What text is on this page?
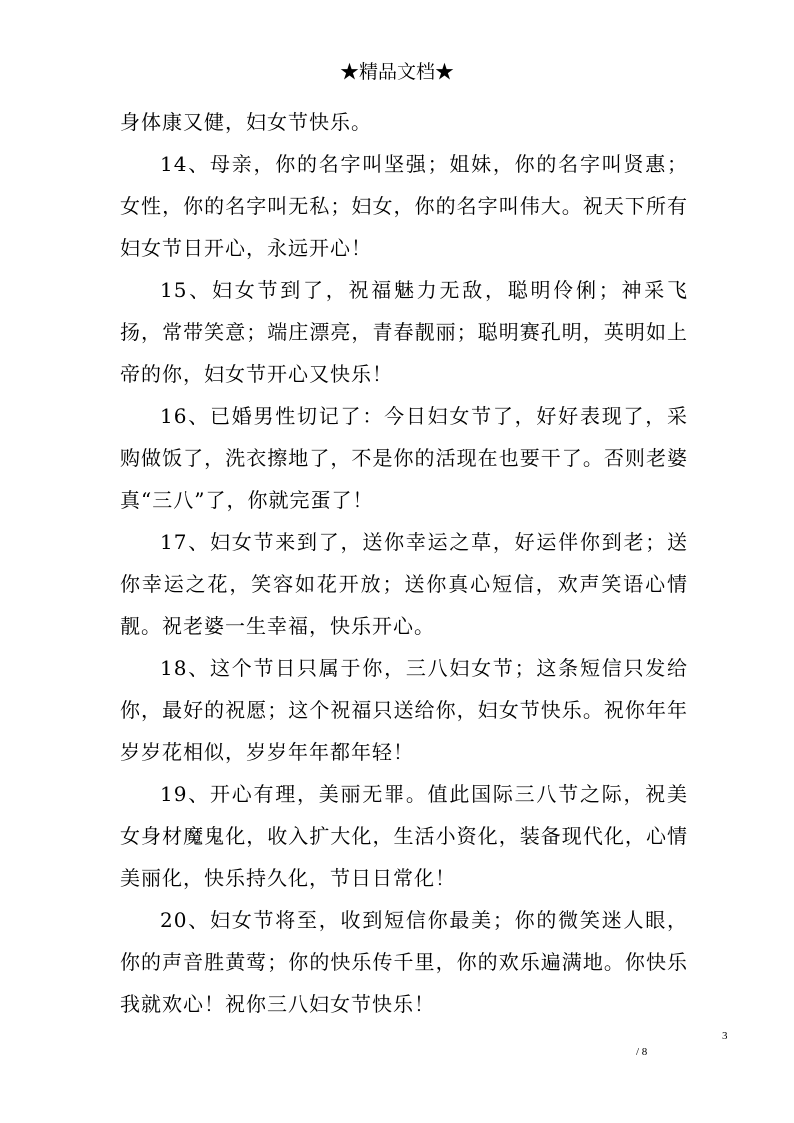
★精品文档★

身体康又健，妇女节快乐。

14、母亲，你的名字叫坚强；姐妹，你的名字叫贤惠；女性，你的名字叫无私；妇女，你的名字叫伟大。祝天下所有妇女节日开心，永远开心！

15、妇女节到了，祝福魅力无敌，聪明伶俐；神采飞扬，常带笑意；端庄漂亮，青春靓丽；聪明赛孔明，英明如上帝的你，妇女节开心又快乐！

16、已婚男性切记了：今日妇女节了，好好表现了，采购做饭了，洗衣擦地了，不是你的活现在也要干了。否则老婆真“三八”了，你就完蛋了！

17、妇女节来到了，送你幸运之草，好运伴你到老；送你幸运之花，笑容如花开放；送你真心短信，欢声笑语心情靓。祝老婆一生幸福，快乐开心。

18、这个节日只属于你，三八妇女节；这条短信只发给你，最好的祝愿；这个祝福只送给你，妇女节快乐。祝你年年岁岁花相似，岁岁年年都年轻！

19、开心有理，美丽无罪。值此国际三八节之际，祝美女身材魔鬼化，收入扩大化，生活小资化，装备现代化，心情美丽化，快乐持久化，节日日常化！

20、妇女节将至，收到短信你最美；你的微笑迷人眼，你的声音胜黄莺；你的快乐传千里，你的欢乐遍满地。你快乐我就欢心！祝你三八妇女节快乐！

3
/ 8
